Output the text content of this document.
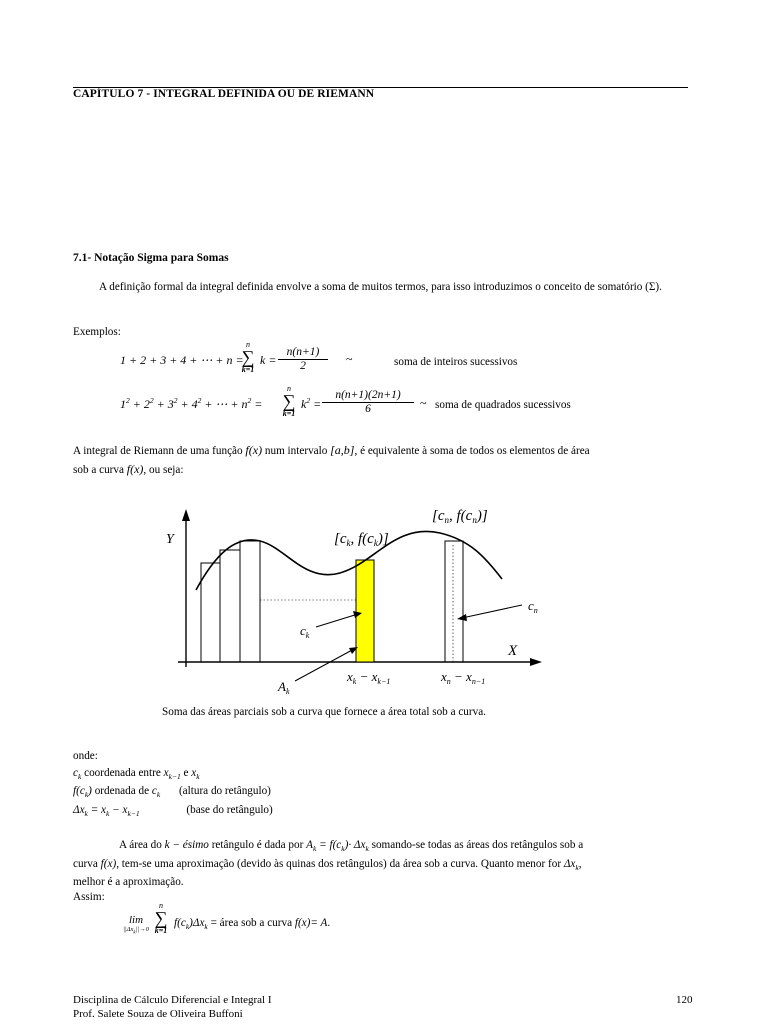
CAPÍTULO 7 - INTEGRAL DEFINIDA OU DE RIEMANN
7.1- Notação Sigma para Somas
A definição formal da integral definida envolve a soma de muitos termos, para isso introduzimos o conceito de somatório (Σ).
Exemplos:
1 + 2 + 3 + 4 + ⋯ + n =
n
∑
k=1
k =
n(n+1)
2	~	soma de inteiros sucessivos
$1^2 + 2^2 + 3^2 + 4^2$ + ⋯ + $n^2$ =
n
∑
k=1
$k^2$ =
n(n+1)(2n+1)
6	~ soma de quadrados sucessivos
A integral de Riemann de uma função f(x) num intervalo [a,b], é equivalente à soma de todos os elementos de área
sob a curva f(x), ou seja:
Y
X
[$c_k$, $f(c_k)$]
[$c_n$, $f(c_n)$]
$c_k$
$c_n$
$A_k$
$x_k - x_{k-1}$	$x_n - x_{n-1}$
Soma das áreas parciais sob a curva que fornece a área total sob a curva.
onde:
$c_k$ coordenada entre $x_{k-1}$ e $x_k$
$f(c_k)$ ordenada de $c_k$ (altura do retângulo)
$\Delta x_k = x_k - x_{k-1}$	(base do retângulo)
A área do k − ésimo retângulo é dada por $A_k = f(c_k)\cdot \Delta x_k$ somando-se todas as áreas dos retângulos sob a
curva f(x), tem-se uma aproximação (devido às quinas dos retângulos) da área sob a curva. Quanto menor for $\Delta x_k$,
melhor é a aproximação.
Assim:
lim
$||\Delta x_k||\to 0$
n
∑
k=1
$f(c_k)\Delta x_k$ = área sob a curva f(x)= A.
Disciplina de Cálculo Diferencial e Integral I
Prof. Salete Souza de Oliveira Buffoni
120
